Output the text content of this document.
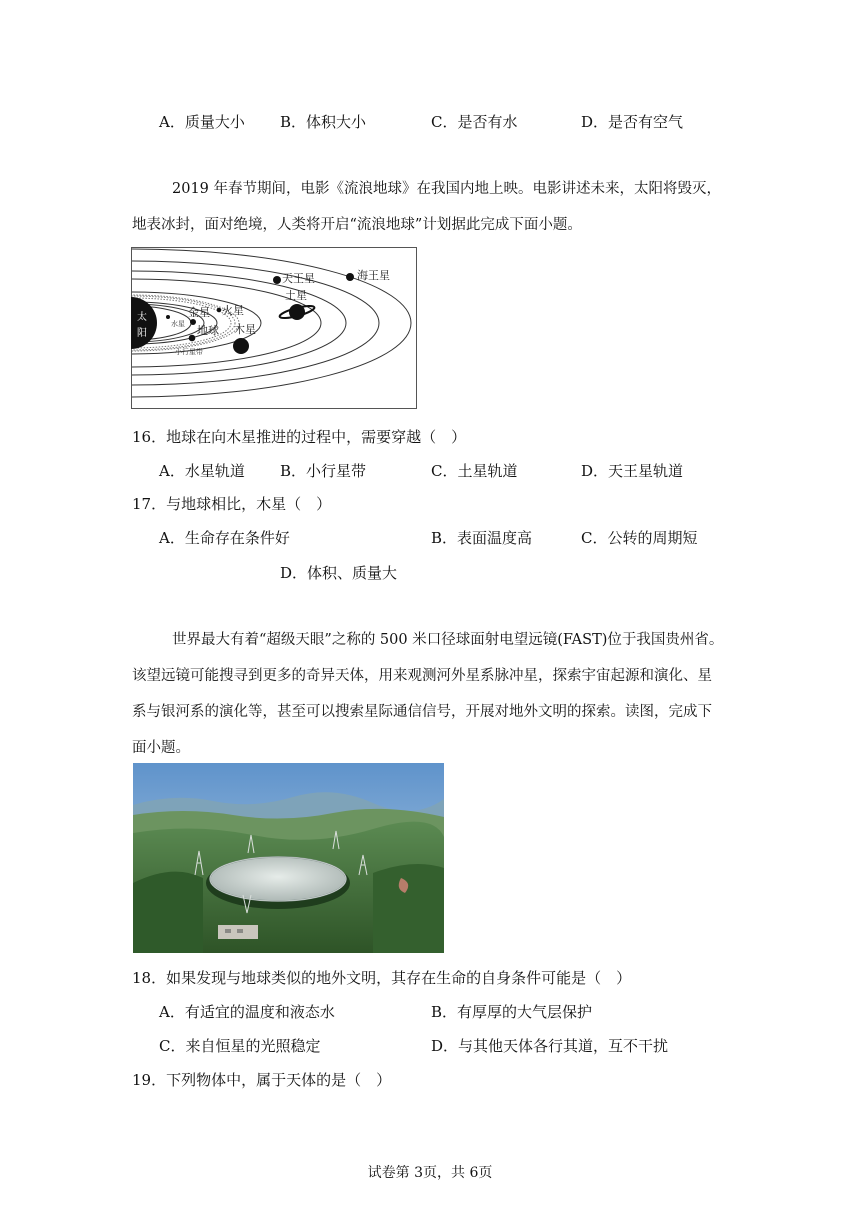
A．质量大小 B．体积大小	C．是否有水	D．是否有空气
2019 年春节期间，电影《流浪地球》在我国内地上映。电影讲述未来，太阳将毁灭，
地表冰封，面对绝境，人类将开启“流浪地球”计划据此完成下面小题。
太
阳
水星
金星 火星
地球 木星
小行星带
土星
天王星	海王星
16．地球在向木星推进的过程中，需要穿越（　）
A．水星轨道 B．小行星带	C．土星轨道	D．天王星轨道
17．与地球相比，木星（　）
A．生命存在条件好	B．表面温度高	C．公转的周期短
D．体积、质量大
世界最大有着“超级天眼”之称的 500 米口径球面射电望远镜(FAST)位于我国贵州省。
该望远镜可能搜寻到更多的奇异天体，用来观测河外星系脉冲星，探索宇宙起源和演化、星
系与银河系的演化等，甚至可以搜索星际通信信号，开展对地外文明的探索。读图，完成下
面小题。
18．如果发现与地球类似的地外文明，其存在生命的自身条件可能是（　）
A．有适宜的温度和液态水	B．有厚厚的大气层保护
C．来自恒星的光照稳定	D．与其他天体各行其道，互不干扰
19．下列物体中，属于天体的是（　）
试卷第 3页，共 6页
